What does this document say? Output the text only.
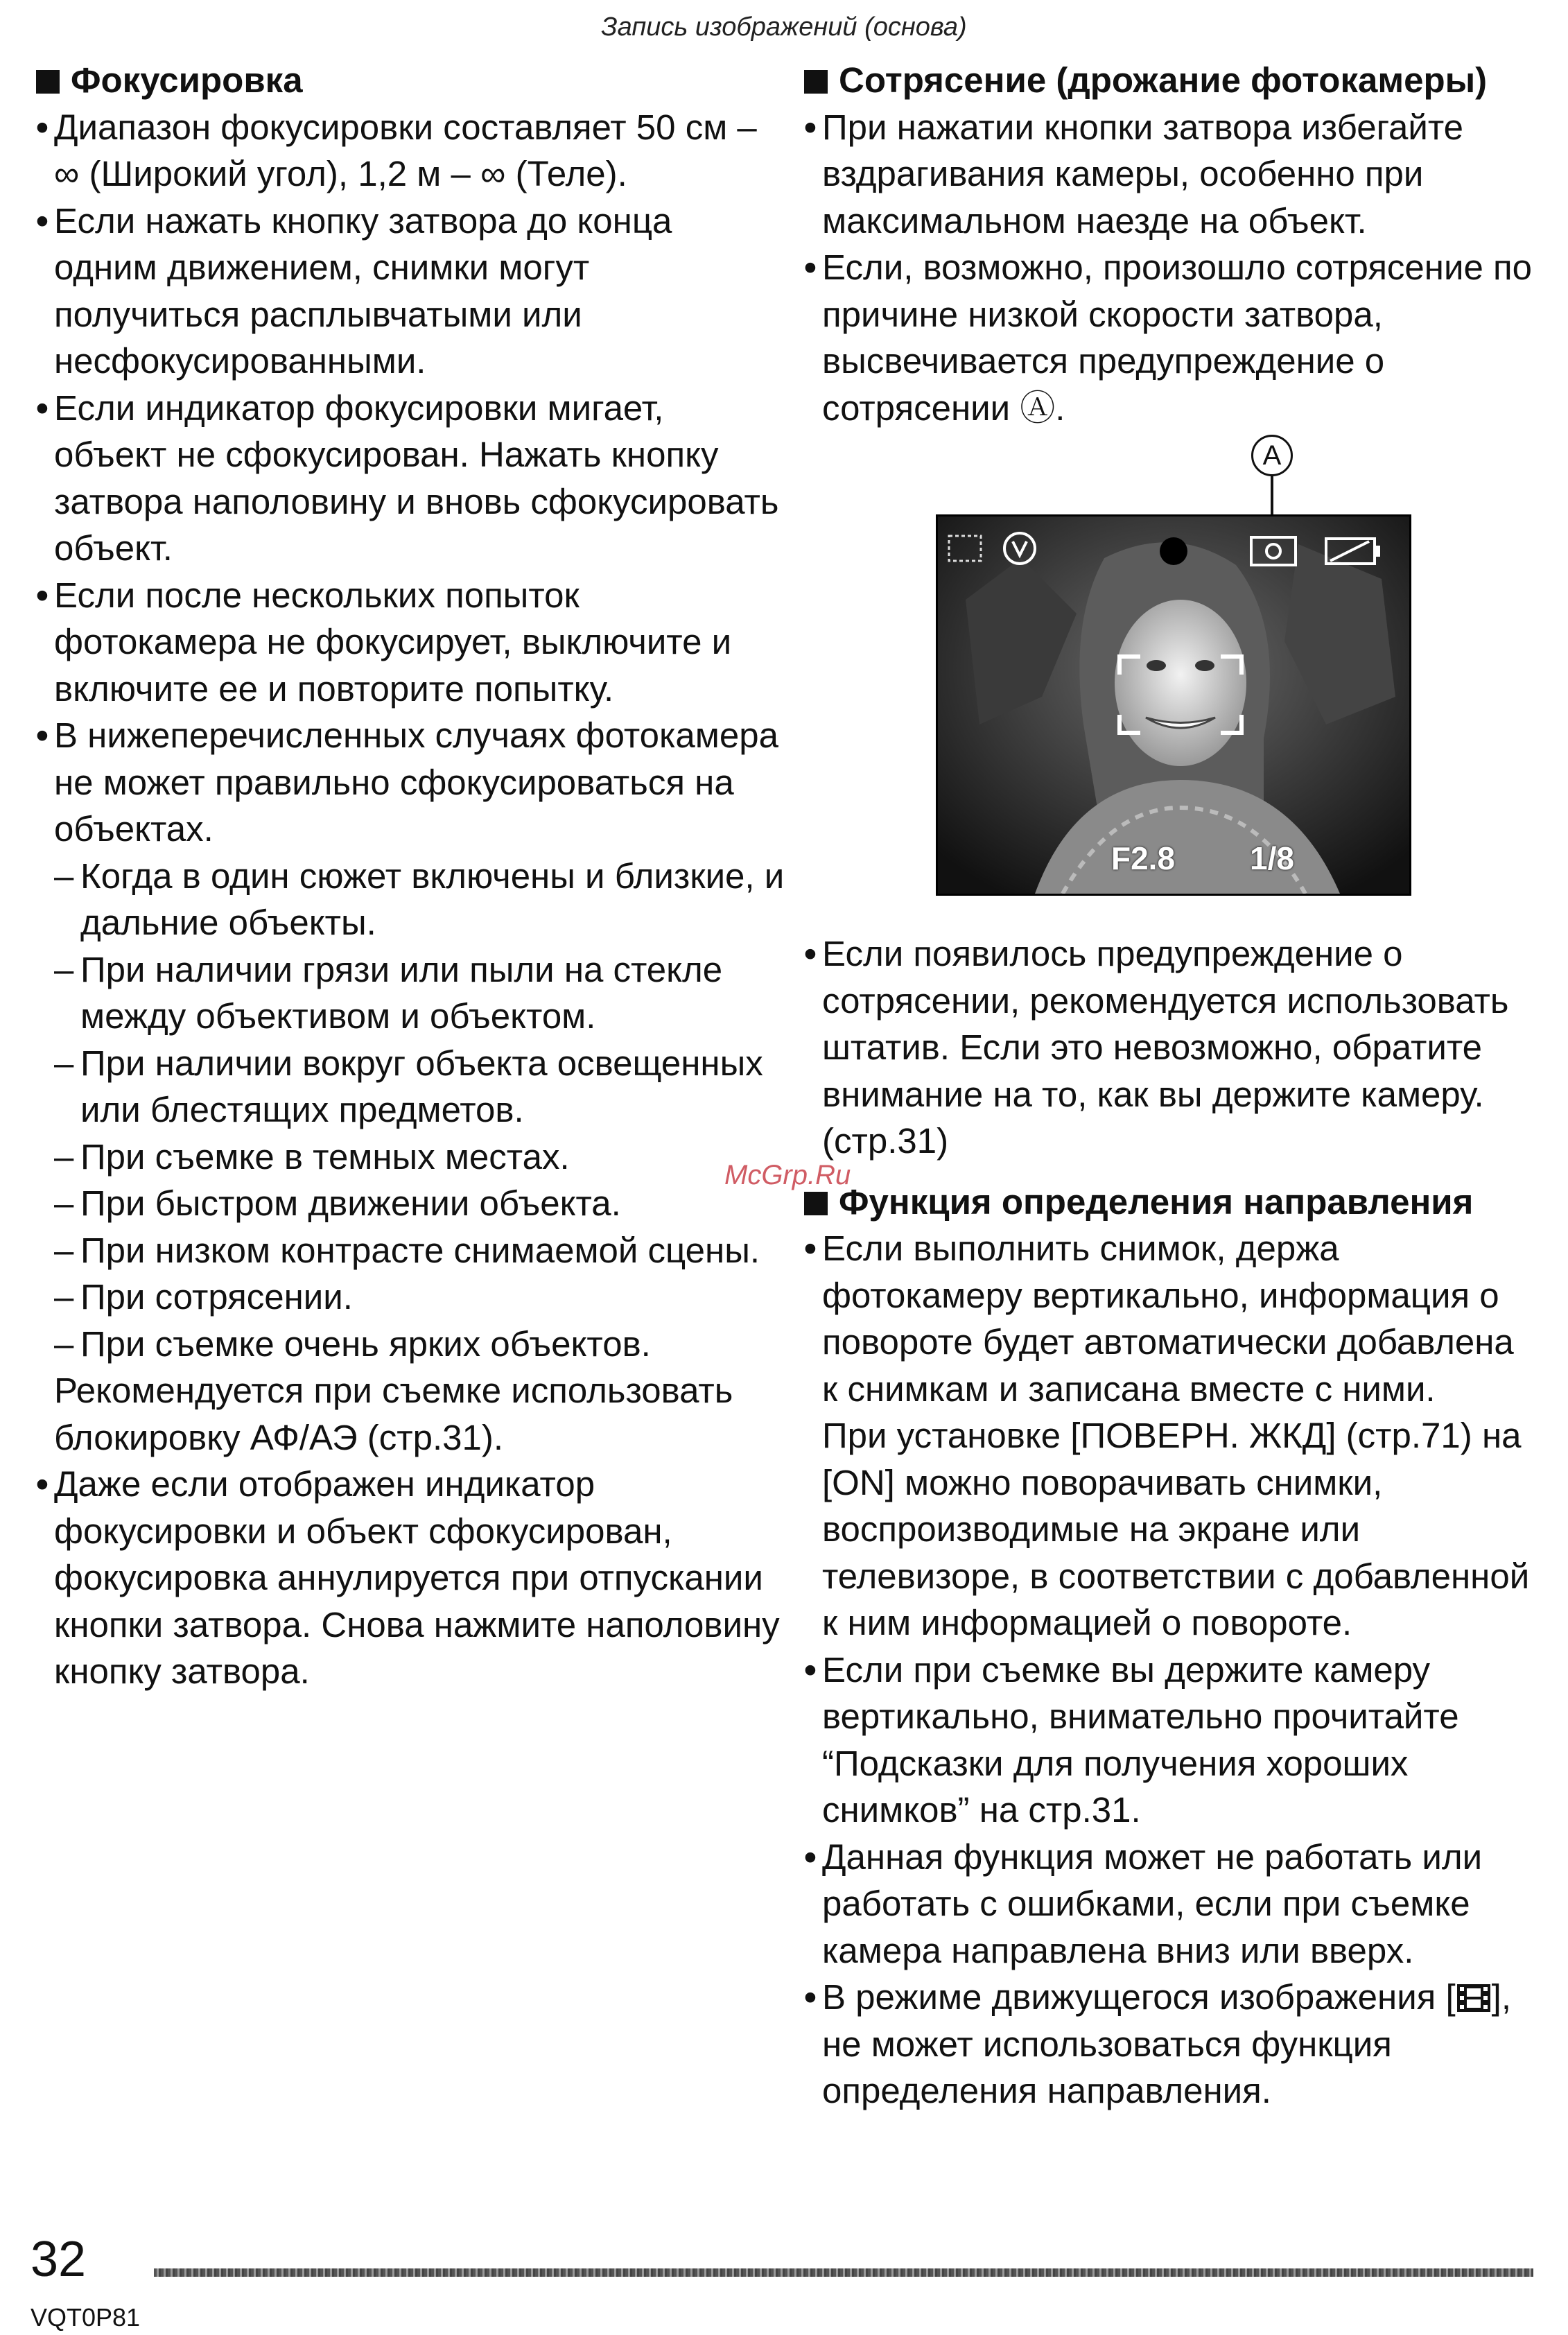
Запись изображений (основа)
Фокусировка
• Диапазон фокусировки составляет 50 см – ∞ (Широкий угол), 1,2 м – ∞ (Теле).
• Если нажать кнопку затвора до конца одним движением, снимки могут получиться расплывчатыми или несфокусированными.
• Если индикатор фокусировки мигает, объект не сфокусирован. Нажать кнопку затвора наполовину и вновь сфокусировать объект.
• Если после нескольких попыток фотокамера не фокусирует, выключите и включите ее и повторите попытку.
• В нижеперечисленных случаях фотокамера не может правильно сфокусироваться на объектах.
– Когда в один сюжет включены и близкие, и дальние объекты.
– При наличии грязи или пыли на стекле между объективом и объектом.
– При наличии вокруг объекта освещенных или блестящих предметов.
– При съемке в темных местах.
– При быстром движении объекта.
– При низком контрасте снимаемой сцены.
– При сотрясении.
– При съемке очень ярких объектов.
Рекомендуется при съемке использовать блокировку АФ/АЭ (стр.31).
• Даже если отображен индикатор фокусировки и объект сфокусирован, фокусировка аннулируется при отпускании кнопки затвора. Снова нажмите наполовину кнопку затвора.
Сотрясение (дрожание фотокамеры)
• При нажатии кнопки затвора избегайте вздрагивания камеры, особенно при максимальном наезде на объект.
• Если, возможно, произошло сотрясение по причине низкой скорости затвора, высвечивается предупреждение о сотрясении Ⓐ.
A
F2.8 1/8
• Если появилось предупреждение о сотрясении, рекомендуется использовать штатив. Если это невозможно, обратите внимание на то, как вы держите камеру. (стр.31)
Функция определения направления
• Если выполнить снимок, держа фотокамеру вертикально, информация о повороте будет автоматически добавлена к снимкам и записана вместе с ними.
При установке [ПОВЕРН. ЖКД] (стр.71) на [ON] можно поворачивать снимки, воспроизводимые на экране или телевизоре, в соответствии с добавленной к ним информацией о повороте.
• Если при съемке вы держите камеру вертикально, внимательно прочитайте “Подсказки для получения хороших снимков” на стр.31.
• Данная функция может не работать или работать с ошибками, если при съемке камера направлена вниз или вверх.
• В режиме движущегося изображения [ ], не может использоваться функция определения направления.
McGrp.Ru
32
VQT0P81
